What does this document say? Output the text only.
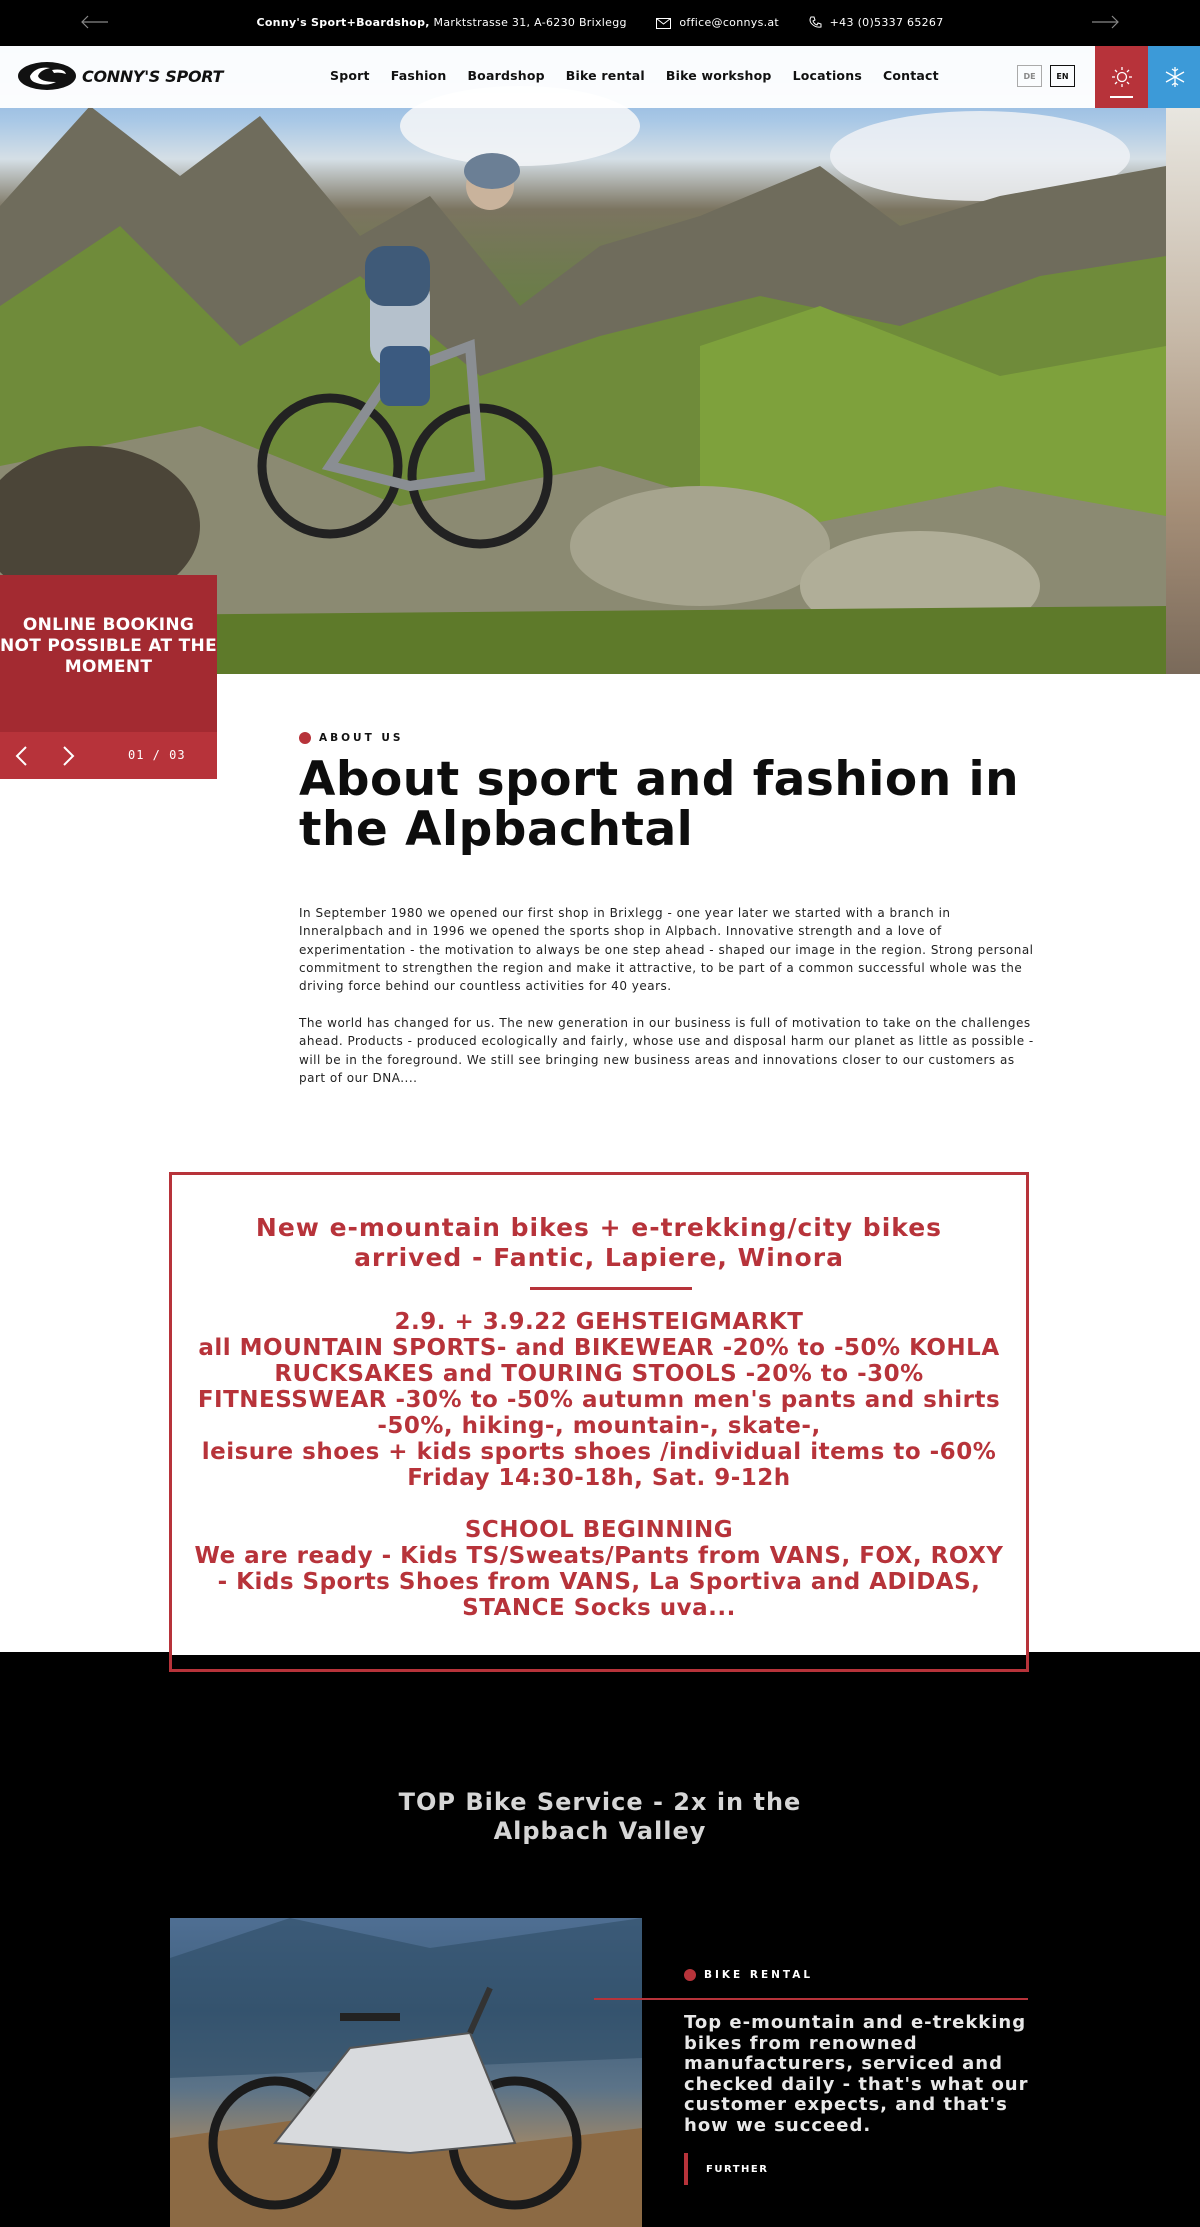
Conny's Sport+Boardshop, Marktstrasse 31, A-6230 Brixlegg	office@connys.at	+43 (0)5337 65267
CONNY'S SPORT	Sport Fashion Boardshop Bike rental Bike workshop Locations Contact	DE	EN
ONLINE BOOKING NOT POSSIBLE AT THE MOMENT
01 / 03
ABOUT US
About sport and fashion in the Alpbachtal

In September 1980 we opened our first shop in Brixlegg - one year later we started with a branch in Inneralpbach and in 1996 we opened the sports shop in Alpbach. Innovative strength and a love of experimentation - the motivation to always be one step ahead - shaped our image in the region. Strong personal commitment to strengthen the region and make it attractive, to be part of a common successful whole was the driving force behind our countless activities for 40 years.

The world has changed for us. The new generation in our business is full of motivation to take on the challenges ahead. Products - produced ecologically and fairly, whose use and disposal harm our planet as little as possible - will be in the foreground. We still see bringing new business areas and innovations closer to our customers as part of our DNA....

New e-mountain bikes + e-trekking/city bikes
arrived - Fantic, Lapiere, Winora
2.9. + 3.9.22 GEHSTEIGMARKT
all MOUNTAIN SPORTS- and BIKEWEAR -20% to -50% KOHLA
RUCKSAKES and TOURING STOOLS -20% to -30%
FITNESSWEAR -30% to -50% autumn men's pants and shirts
-50%, hiking-, mountain-, skate-,
leisure shoes + kids sports shoes /individual items to -60%
Friday 14:30-18h, Sat. 9-12h
SCHOOL BEGINNING
We are ready - Kids TS/Sweats/Pants from VANS, FOX, ROXY
- Kids Sports Shoes from VANS, La Sportiva and ADIDAS,
STANCE Socks uva...
TOP Bike Service - 2x in the
Alpbach Valley
BIKE RENTAL

Top e-mountain and e-trekking bikes from renowned manufacturers, serviced and checked daily - that's what our customer expects, and that's how we succeed.

FURTHER
